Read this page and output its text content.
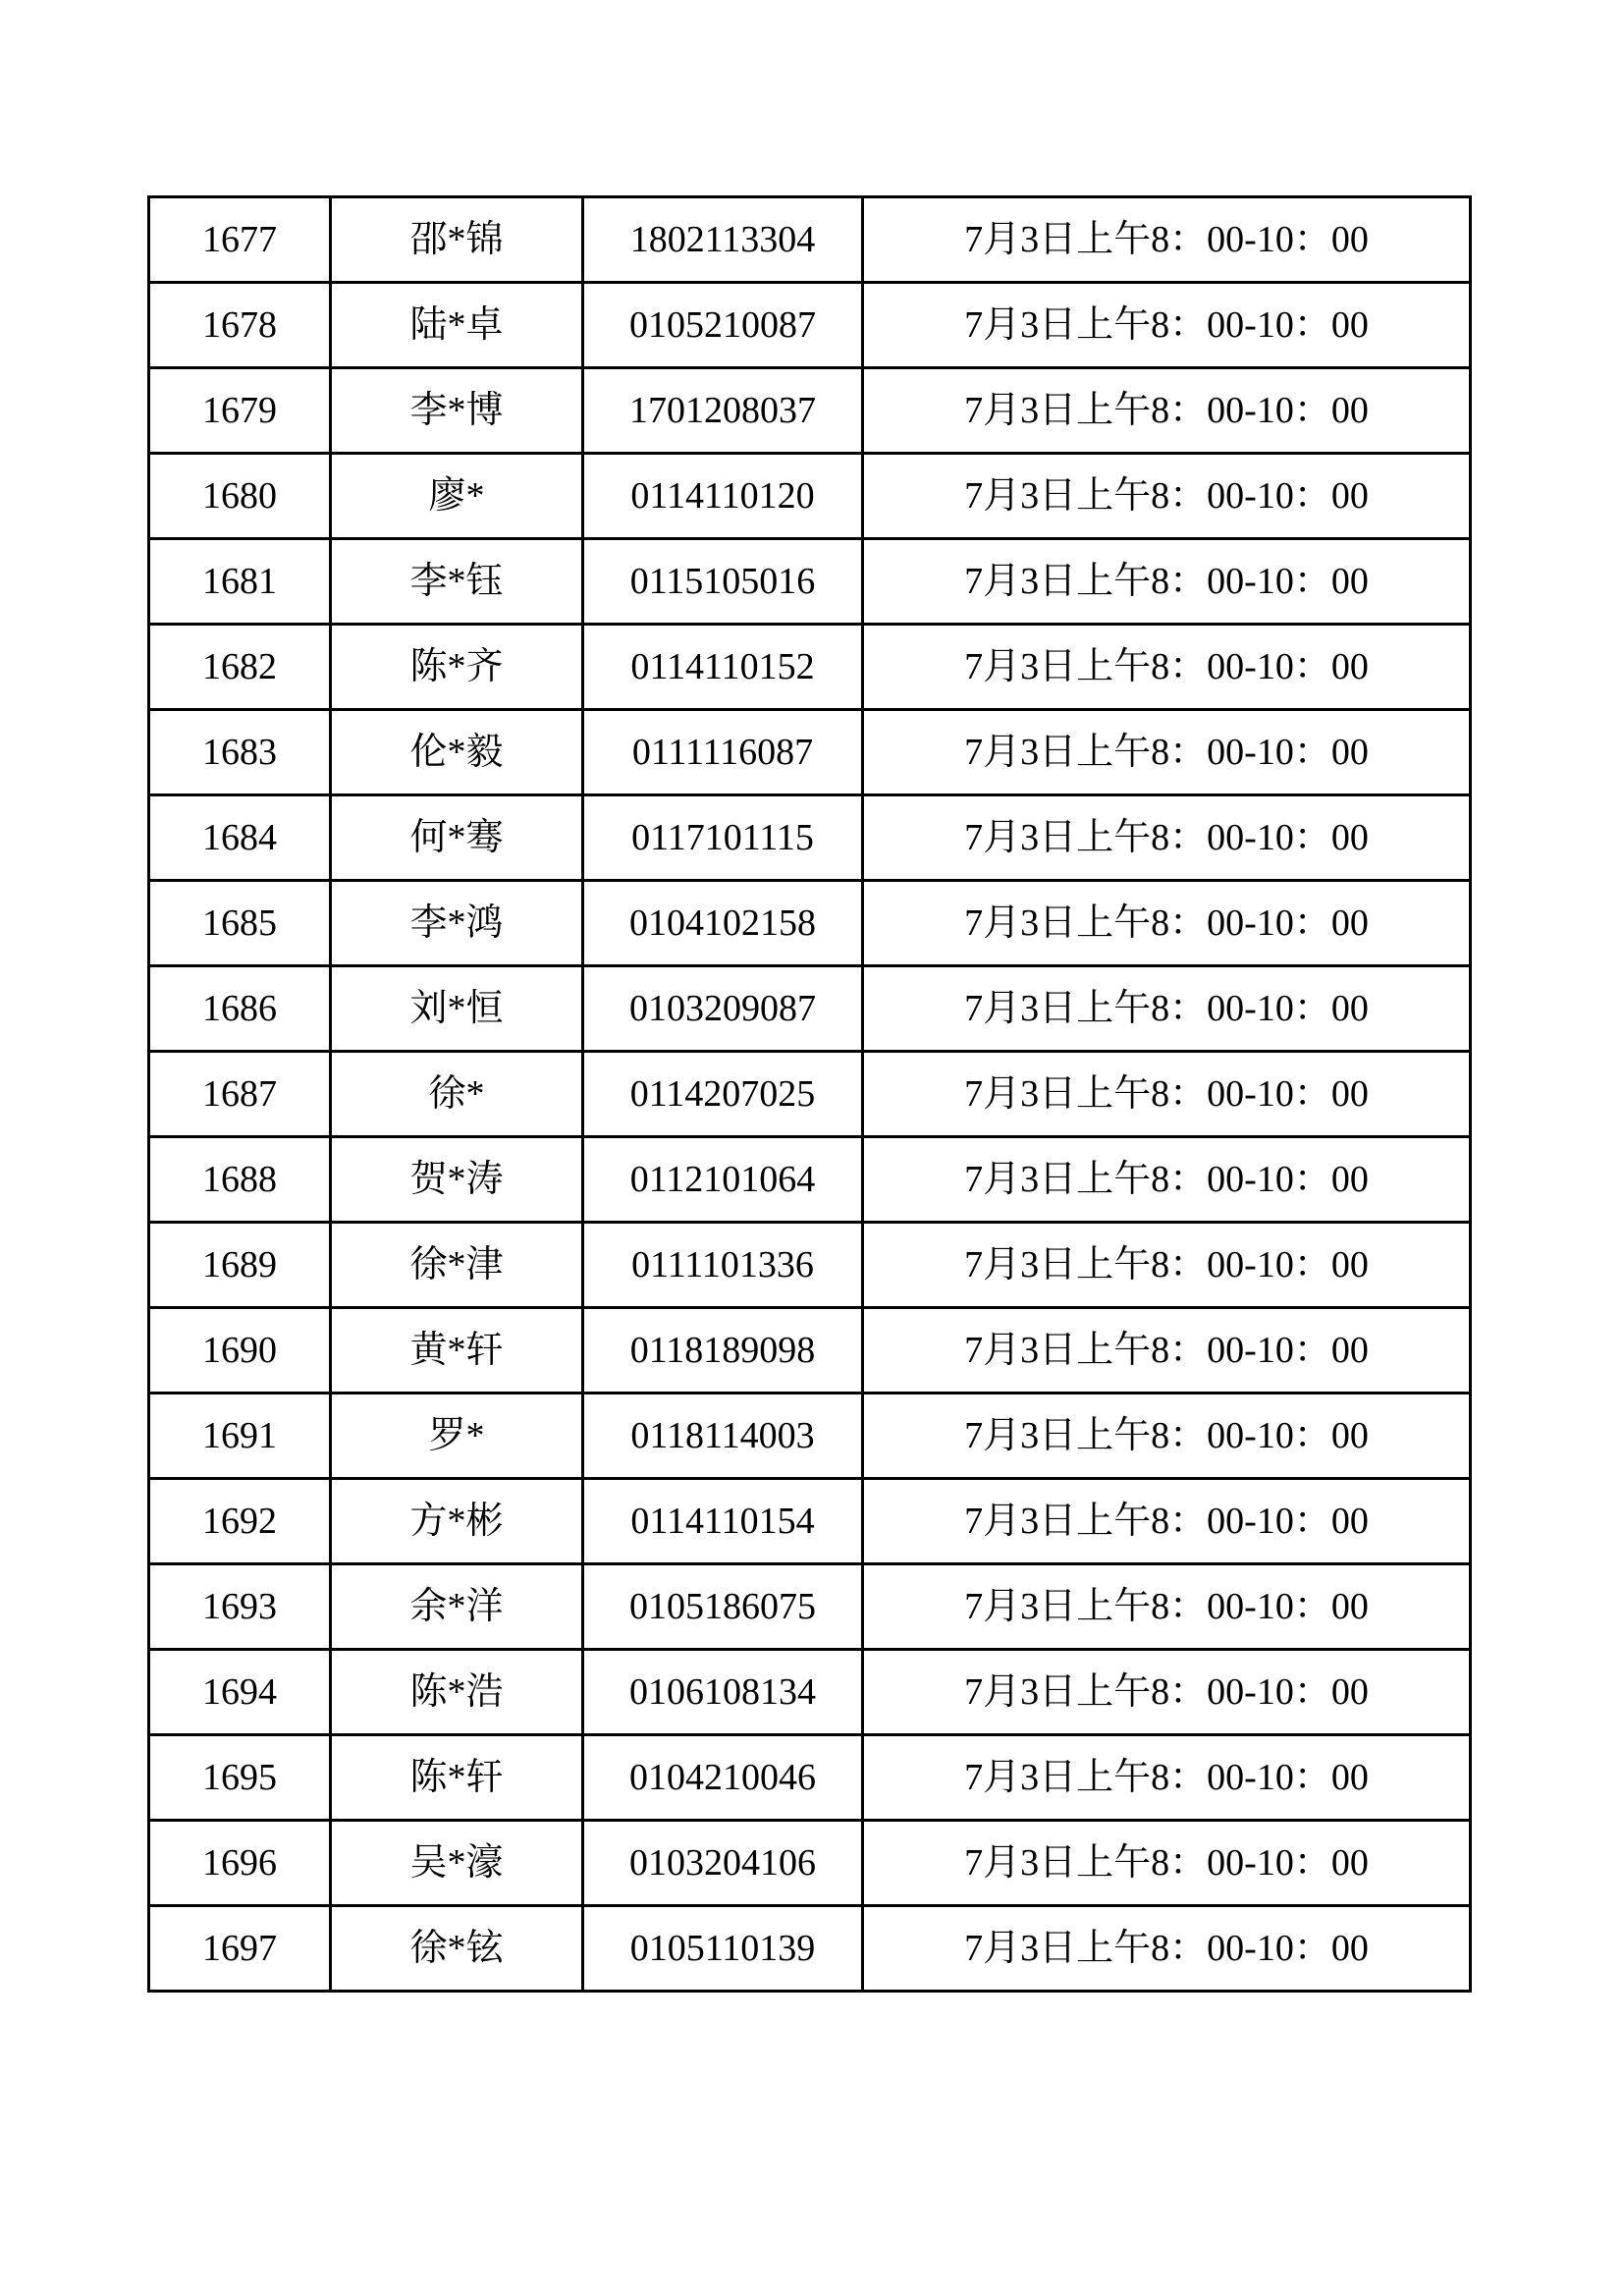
1677	邵*锦	1802113304	7月3日上午8：00-10：00
1678	陆*卓	0105210087	7月3日上午8：00-10：00
1679	李*博	1701208037	7月3日上午8：00-10：00
1680	廖*	0114110120	7月3日上午8：00-10：00
1681	李*钰	0115105016	7月3日上午8：00-10：00
1682	陈*齐	0114110152	7月3日上午8：00-10：00
1683	伦*毅	0111116087	7月3日上午8：00-10：00
1684	何*骞	0117101115	7月3日上午8：00-10：00
1685	李*鸿	0104102158	7月3日上午8：00-10：00
1686	刘*恒	0103209087	7月3日上午8：00-10：00
1687	徐*	0114207025	7月3日上午8：00-10：00
1688	贺*涛	0112101064	7月3日上午8：00-10：00
1689	徐*津	0111101336	7月3日上午8：00-10：00
1690	黄*轩	0118189098	7月3日上午8：00-10：00
1691	罗*	0118114003	7月3日上午8：00-10：00
1692	方*彬	0114110154	7月3日上午8：00-10：00
1693	余*洋	0105186075	7月3日上午8：00-10：00
1694	陈*浩	0106108134	7月3日上午8：00-10：00
1695	陈*轩	0104210046	7月3日上午8：00-10：00
1696	吴*濠	0103204106	7月3日上午8：00-10：00
1697	徐*铉	0105110139	7月3日上午8：00-10：00
